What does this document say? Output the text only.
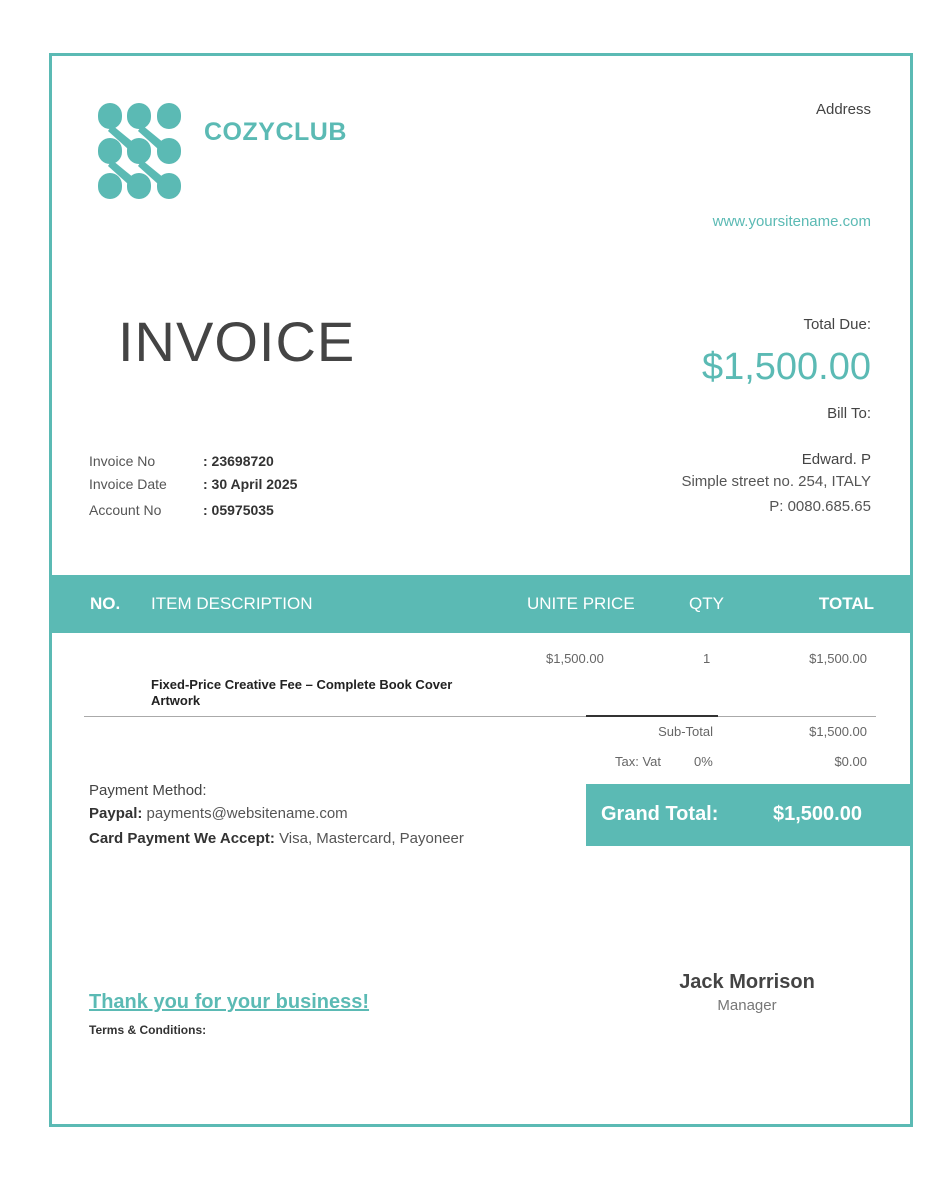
COZYCLUB
Address
www.yoursitename.com
INVOICE	Total Due:
$1,500.00
Bill To:
Invoice No	: 23698720
Invoice Date	: 30 April 2025
Account No	: 05975035
Edward. P
Simple street no. 254, ITALY
P: 0080.685.65
NO. ITEM DESCRIPTION	UNITE PRICE	QTY	TOTAL
$1,500.00	1	$1,500.00
Fixed-Price Creative Fee – Complete Book Cover Artwork
Sub-Total	$1,500.00
Tax: Vat	0%	$0.00
Grand Total:	$1,500.00
Payment Method:
Paypal: payments@websitename.com
Card Payment We Accept: Visa, Mastercard, Payoneer
Thank you for your business!
Terms & Conditions:
Jack Morrison
Manager
